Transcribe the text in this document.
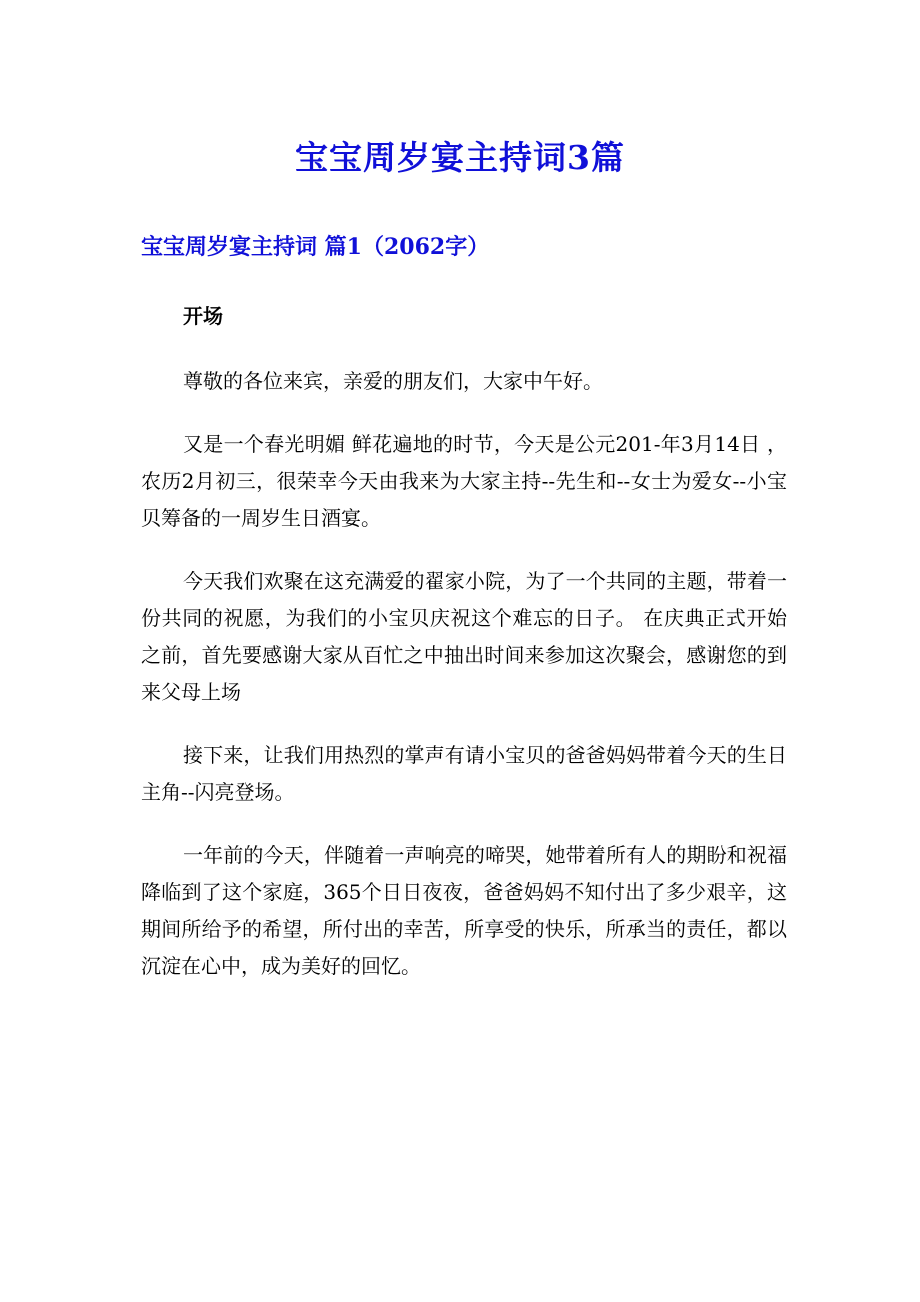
宝宝周岁宴主持词3篇
宝宝周岁宴主持词 篇1（2062字）

开场

尊敬的各位来宾，亲爱的朋友们，大家中午好。

又是一个春光明媚 鲜花遍地的时节，今天是公元201-年3月14日 ，农历2月初三，很荣幸今天由我来为大家主持--先生和--女士为爱女--小宝贝筹备的一周岁生日酒宴。

今天我们欢聚在这充满爱的翟家小院，为了一个共同的主题，带着一份共同的祝愿，为我们的小宝贝庆祝这个难忘的日子。 在庆典正式开始之前，首先要感谢大家从百忙之中抽出时间来参加这次聚会，感谢您的到来父母上场

接下来，让我们用热烈的掌声有请小宝贝的爸爸妈妈带着今天的生日主角--闪亮登场。

一年前的今天，伴随着一声响亮的啼哭，她带着所有人的期盼和祝福降临到了这个家庭，365个日日夜夜，爸爸妈妈不知付出了多少艰辛，这期间所给予的希望，所付出的幸苦，所享受的快乐，所承当的责任，都以沉淀在心中，成为美好的回忆。
